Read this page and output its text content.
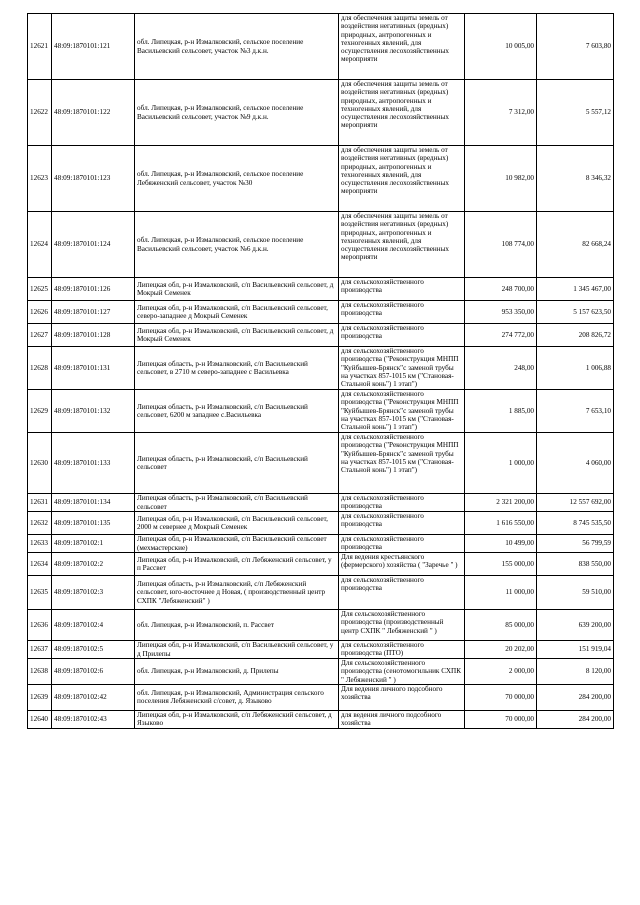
12621	48:09:1870101:121	обл. Липецкая, р-н Измалковский, сельское поселение Васильевский сельсовет, участок №3 д.к.н.	для обеспечения защиты земель от воздействия негативных (вредных) природных, антропогенных и техногенных явлений, для осуществления лесохозяйственных мероприяти	10 005,00	7 603,80
12622	48:09:1870101:122	обл. Липецкая, р-н Измалковский, сельское поселение Васильевский сельсовет, участок №9 д.к.н.	для обеспечения защиты земель от воздействия негативных (вредных) природных, антропогенных и техногенных явлений, для осуществления лесохозяйственных мероприяти	7 312,00	5 557,12
12623	48:09:1870101:123	обл. Липецкая, р-н Измалковский, сельское поселение Лебяженский сельсовет, участок №30	для обеспечения защиты земель от воздействия негативных (вредных) природных, антропогенных и техногенных явлений, для осуществления лесохозяйственных мероприяти	10 982,00	8 346,32
12624	48:09:1870101:124	обл. Липецкая, р-н Измалковский, сельское поселение Васильевский сельсовет, участок №6 д.к.н.	для обеспечения защиты земель от воздействия негативных (вредных) природных, антропогенных и техногенных явлений, для осуществления лесохозяйственных мероприяти	108 774,00	82 668,24
12625	48:09:1870101:126	Липецкая обл, р-н Измалковский, с/п Васильевский сельсовет, д Мокрый Семенек	для сельскохозяйственного производства	248 700,00	1 345 467,00
12626	48:09:1870101:127	Липецкая обл, р-н Измалковский, с/п Васильевский сельсовет, северо-западнее д Мокрый Семенек	для сельскохозяйственного производства	953 350,00	5 157 623,50
12627	48:09:1870101:128	Липецкая обл, р-н Измалковский, с/п Васильевский сельсовет, д Мокрый Семенек	для сельскохозяйственного производства	274 772,00	208 826,72
12628	48:09:1870101:131	Липецкая область, р-н Измалковский, с/п Васильевский сельсовет, в 2710 м северо-западнее с Васильевка	для сельскохозяйственного производства ("Реконструкция МНПП "Куйбышев-Брянск"с заменой трубы на участках 857-1015 км ("Становая-Стальной конь") 1 этап")	248,00	1 006,88
12629	48:09:1870101:132	Липецкая область, р-н Измалковский, с/п Васильевский сельсовет, 6200 м западнее с.Васильевка	для сельскохозяйственного производства ("Реконструкция МНПП "Куйбышев-Брянск"с заменой трубы на участках 857-1015 км ("Становая-Стальной конь") 1 этап")	1 885,00	7 653,10
12630	48:09:1870101:133	Липецкая область, р-н Измалковский, с/п Васильевский сельсовет	для сельскохозяйственного производства ("Реконструкция МНПП "Куйбышев-Брянск"с заменой трубы на участках 857-1015 км ("Становая-Стальной конь") 1 этап")	1 000,00	4 060,00
12631	48:09:1870101:134	Липецкая область, р-н Измалковский, с/п Васильевский сельсовет	для сельскохозяйственного производства	2 321 200,00	12 557 692,00
12632	48:09:1870101:135	Липецкая обл, р-н Измалковский, с/п Васильевский сельсовет, 2000 м севернее д Мокрый Семенек	для сельскохозяйственного производства	1 616 550,00	8 745 535,50
12633	48:09:1870102:1	Липецкая обл, р-н Измалковский, с/п Васильевский сельсовет (мехмастерские)	для сельскохозяйственного производства	10 499,00	56 799,59
12634	48:09:1870102:2	Липецкая обл, р-н Измалковский, с/п Лебяженский сельсовет, у п Рассвет	Для ведения крестьянского (фермерского) хозяйства ( "Заречье " )	155 000,00	838 550,00
12635	48:09:1870102:3	Липецкая область, р-н Измалковский, с/п Лебяженский сельсовет, юго-восточнее д Новая, ( производственный центр СХПК "Лебяженский" )	для сельскохозяйственного производства	11 000,00	59 510,00
12636	48:09:1870102:4	обл. Липецкая, р-н Измалковский, п. Рассвет	Для сельскохозяйственного производства (производственный центр СХПК " Лебяженский " )	85 000,00	639 200,00
12637	48:09:1870102:5	Липецкая обл, р-н Измалковский, с/п Васильевский сельсовет, у д Прилепы	для сельскохозяйственного производства (ПТО)	20 202,00	151 919,04
12638	48:09:1870102:6	обл. Липецкая, р-н Измалковский, д. Прилепы	Для сельскохозяйственного производства (сенотомогильник СХПК " Лебяженский " )	2 000,00	8 120,00
12639	48:09:1870102:42	обл. Липецкая, р-н Измалковский, Администрация сельского поселения Лебяженский с/совет, д. Языково	Для ведения личного подсобного хозяйства	70 000,00	284 200,00
12640	48:09:1870102:43	Липецкая обл, р-н Измалковский, с/п Лебяженский сельсовет, д Языково	для ведения личного подсобного хозяйства	70 000,00	284 200,00
